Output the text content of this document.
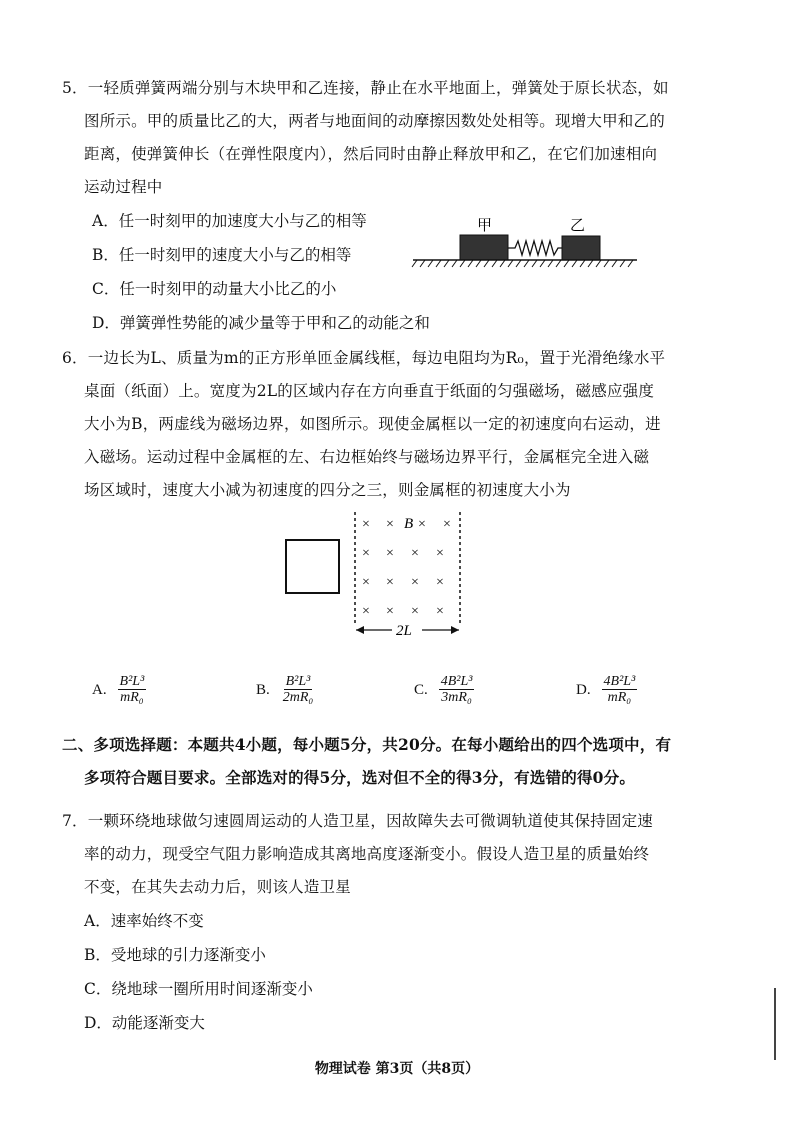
5．一轻质弹簧两端分别与木块甲和乙连接，静止在水平地面上，弹簧处于原长状态，如
图所示。甲的质量比乙的大，两者与地面间的动摩擦因数处处相等。现增大甲和乙的
距离，使弹簧伸长（在弹性限度内），然后同时由静止释放甲和乙，在它们加速相向
运动过程中
A．任一时刻甲的加速度大小与乙的相等
B．任一时刻甲的速度大小与乙的相等
C．任一时刻甲的动量大小比乙的小
D．弹簧弹性势能的减少量等于甲和乙的动能之和
甲	乙
6．一边长为L、质量为m的正方形单匝金属线框，每边电阻均为R₀，置于光滑绝缘水平
桌面（纸面）上。宽度为2L的区域内存在方向垂直于纸面的匀强磁场，磁感应强度
大小为B，两虚线为磁场边界，如图所示。现使金属框以一定的初速度向右运动，进
入磁场。运动过程中金属框的左、右边框始终与磁场边界平行，金属框完全进入磁
场区域时，速度大小减为初速度的四分之三，则金属框的初速度大小为
× × × ×
× × × ×
× × × ×
× × × ×
B
2L
A. $\frac{\text{B²L³}}{\text{mR₀}}$	B. $\frac{\text{B²L³}}{\text{2mR₀}}$	C. $\frac{\text{4B²L³}}{\text{3mR₀}}$	D. $\frac{\text{4B²L³}}{\text{mR₀}}$
二、多项选择题：本题共4小题，每小题5分，共20分。在每小题给出的四个选项中，有
多项符合题目要求。全部选对的得5分，选对但不全的得3分，有选错的得0分。
7．一颗环绕地球做匀速圆周运动的人造卫星，因故障失去可微调轨道使其保持固定速
率的动力，现受空气阻力影响造成其离地高度逐渐变小。假设人造卫星的质量始终
不变，在其失去动力后，则该人造卫星
A．速率始终不变
B．受地球的引力逐渐变小
C．绕地球一圈所用时间逐渐变小
D．动能逐渐变大
物理试卷 第3页（共8页）
